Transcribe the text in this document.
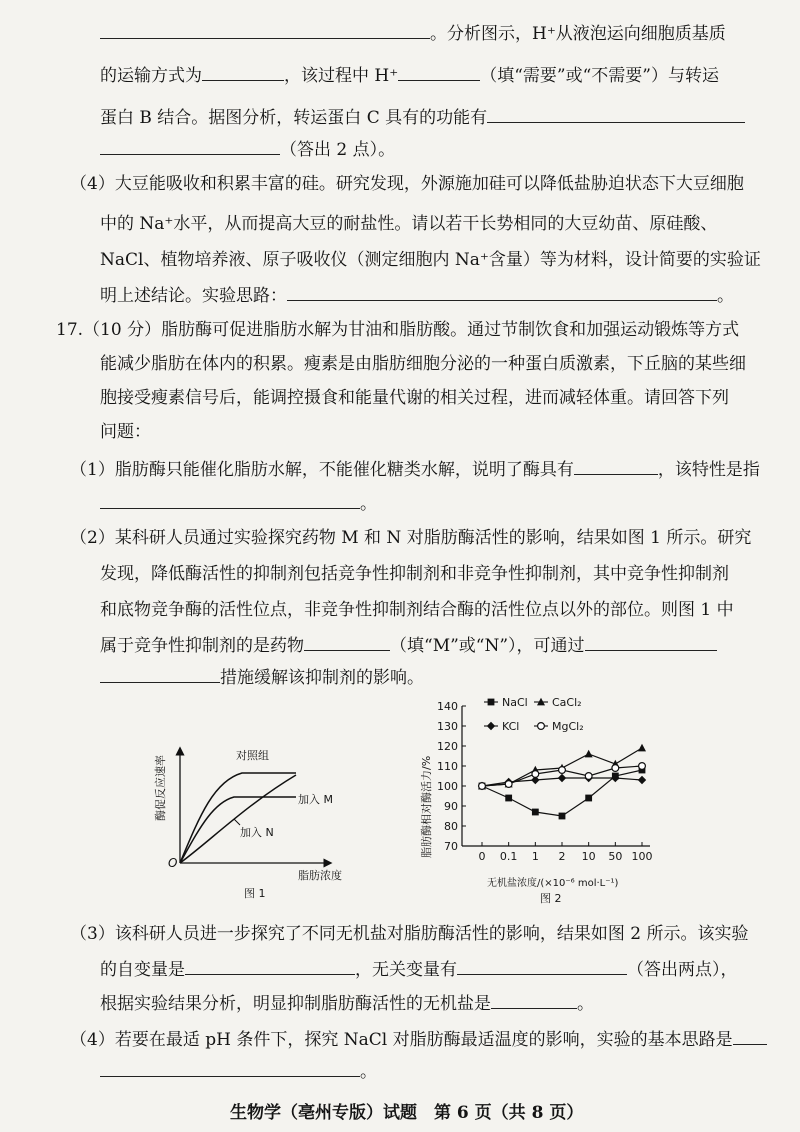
。分析图示，H⁺从液泡运向细胞质基质
的运输方式为	，该过程中 H⁺	（填“需要”或“不需要”）与转运
蛋白 B 结合。据图分析，转运蛋白 C 具有的功能有
（答出 2 点）。
（4）大豆能吸收和积累丰富的硅。研究发现，外源施加硅可以降低盐胁迫状态下大豆细胞
中的 Na⁺水平，从而提高大豆的耐盐性。请以若干长势相同的大豆幼苗、原硅酸、
NaCl、植物培养液、原子吸收仪（测定细胞内 Na⁺含量）等为材料，设计简要的实验证
明上述结论。实验思路：	。
17.（10 分）脂肪酶可促进脂肪水解为甘油和脂肪酸。通过节制饮食和加强运动锻炼等方式
能减少脂肪在体内的积累。瘦素是由脂肪细胞分泌的一种蛋白质激素，下丘脑的某些细
胞接受瘦素信号后，能调控摄食和能量代谢的相关过程，进而减轻体重。请回答下列
问题：
（1）脂肪酶只能催化脂肪水解，不能催化糖类水解，说明了酶具有	，该特性是指
。
（2）某科研人员通过实验探究药物 M 和 N 对脂肪酶活性的影响，结果如图 1 所示。研究
发现，降低酶活性的抑制剂包括竞争性抑制剂和非竞争性抑制剂，其中竞争性抑制剂
和底物竞争酶的活性位点，非竞争性抑制剂结合酶的活性位点以外的部位。则图 1 中
属于竞争性抑制剂的是药物	（填“M”或“N”），可通过
措施缓解该抑制剂的影响。
O
酶促反应速率
脂肪浓度
对照组
加入 M
加入 N
图 1
脂肪酶相对酶活力/%
无机盐浓度/(×10⁻⁶ mol·L⁻¹)
图 2
70
80
90
100
110
120
130
140
0 0.1 1 2 10 50 100
NaCl CaCl₂
KCl	MgCl₂
（3）该科研人员进一步探究了不同无机盐对脂肪酶活性的影响，结果如图 2 所示。该实验
的自变量是	，无关变量有	（答出两点），
根据实验结果分析，明显抑制脂肪酶活性的无机盐是	。
（4）若要在最适 pH 条件下，探究 NaCl 对脂肪酶最适温度的影响，实验的基本思路是
。
生物学（亳州专版）试题　第 6 页（共 8 页）
